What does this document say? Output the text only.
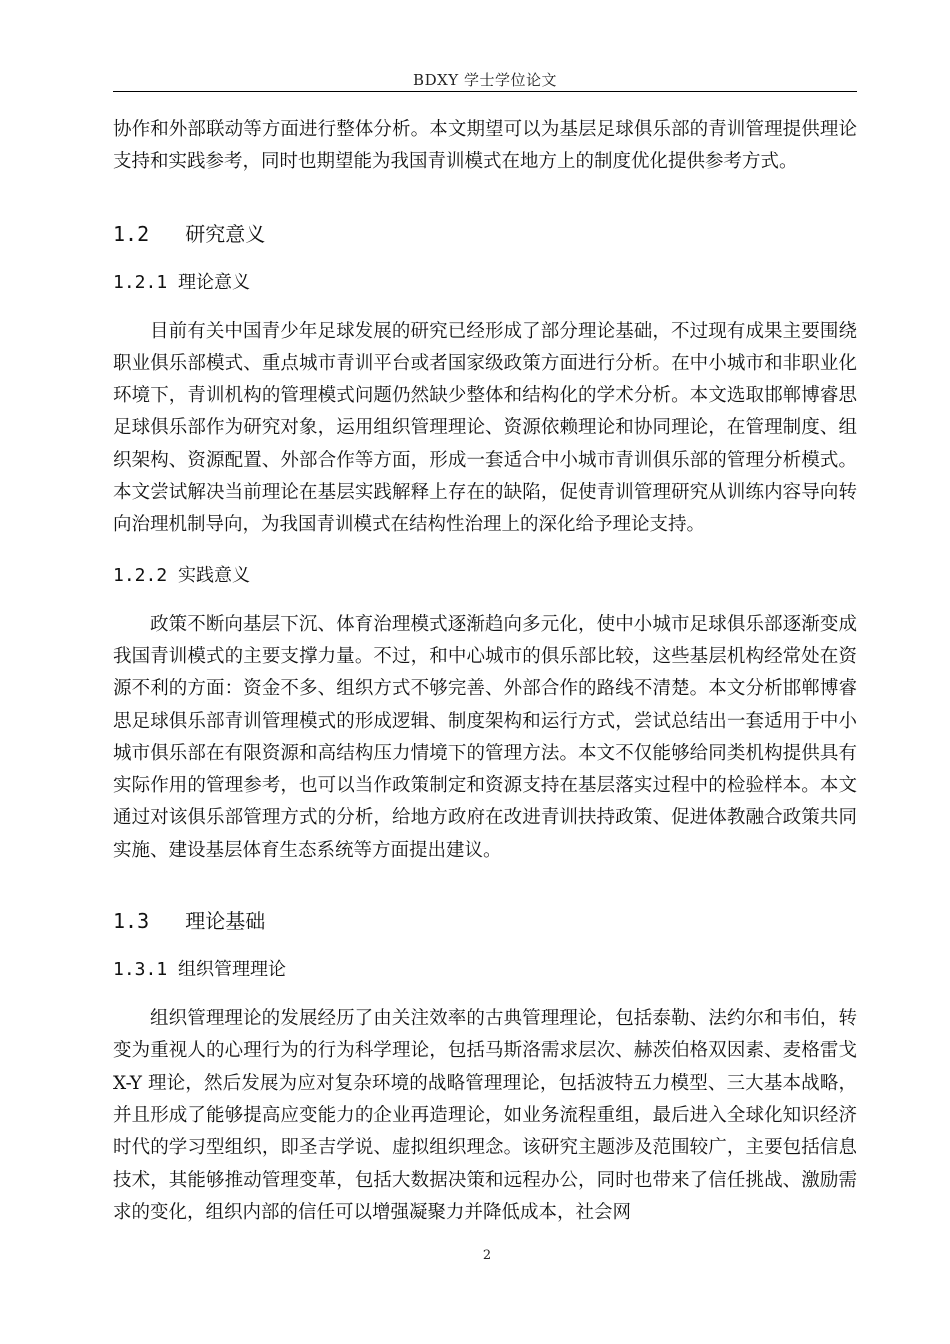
BDXY 学士学位论文

协作和外部联动等方面进行整体分析。本文期望可以为基层足球俱乐部的青训管理提供理论支持和实践参考，同时也期望能为我国青训模式在地方上的制度优化提供参考方式。

1.2   研究意义
1.2.1 理论意义

目前有关中国青少年足球发展的研究已经形成了部分理论基础，不过现有成果主要围绕职业俱乐部模式、重点城市青训平台或者国家级政策方面进行分析。在中小城市和非职业化环境下，青训机构的管理模式问题仍然缺少整体和结构化的学术分析。本文选取邯郸博睿思足球俱乐部作为研究对象，运用组织管理理论、资源依赖理论和协同理论，在管理制度、组织架构、资源配置、外部合作等方面，形成一套适合中小城市青训俱乐部的管理分析模式。本文尝试解决当前理论在基层实践解释上存在的缺陷，促使青训管理研究从训练内容导向转向治理机制导向，为我国青训模式在结构性治理上的深化给予理论支持。

1.2.2 实践意义

政策不断向基层下沉、体育治理模式逐渐趋向多元化，使中小城市足球俱乐部逐渐变成我国青训模式的主要支撑力量。不过，和中心城市的俱乐部比较，这些基层机构经常处在资源不利的方面：资金不多、组织方式不够完善、外部合作的路线不清楚。本文分析邯郸博睿思足球俱乐部青训管理模式的形成逻辑、制度架构和运行方式，尝试总结出一套适用于中小城市俱乐部在有限资源和高结构压力情境下的管理方法。本文不仅能够给同类机构提供具有实际作用的管理参考，也可以当作政策制定和资源支持在基层落实过程中的检验样本。本文通过对该俱乐部管理方式的分析，给地方政府在改进青训扶持政策、促进体教融合政策共同实施、建设基层体育生态系统等方面提出建议。

1.3   理论基础
1.3.1 组织管理理论

组织管理理论的发展经历了由关注效率的古典管理理论，包括泰勒、法约尔和韦伯，转变为重视人的心理行为的行为科学理论，包括马斯洛需求层次、赫茨伯格双因素、麦格雷戈 X-Y 理论，然后发展为应对复杂环境的战略管理理论，包括波特五力模型、三大基本战略，并且形成了能够提高应变能力的企业再造理论，如业务流程重组，最后进入全球化知识经济时代的学习型组织，即圣吉学说、虚拟组织理念。该研究主题涉及范围较广，主要包括信息技术，其能够推动管理变革，包括大数据决策和远程办公，同时也带来了信任挑战、激励需求的变化，组织内部的信任可以增强凝聚力并降低成本，社会网

2
